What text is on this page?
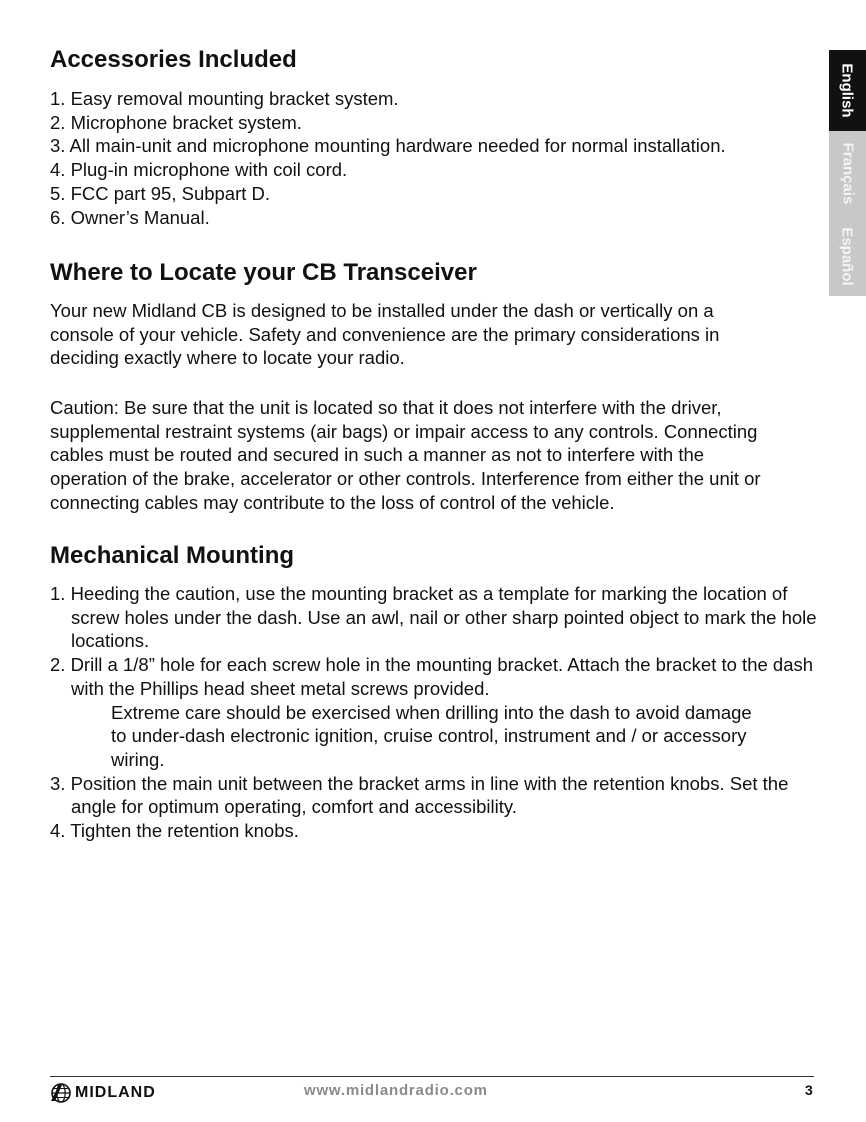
Accessories Included
1. Easy removal mounting bracket system.
2. Microphone bracket system.
3. All main-unit and microphone mounting hardware needed for normal installation.
4. Plug-in microphone with coil cord.
5. FCC part 95, Subpart D.
6. Owner’s Manual.
Where to Locate your CB Transceiver

Your new Midland CB is designed to be installed under the dash or vertically on a
console of your vehicle. Safety and convenience are the primary considerations in
deciding exactly where to locate your radio.

Caution: Be sure that the unit is located so that it does not interfere with the driver,
supplemental restraint systems (air bags) or impair access to any controls. Connecting
cables must be routed and secured in such a manner as not to interfere with the
operation of the brake, accelerator or other controls. Interference from either the unit or
connecting cables may contribute to the loss of control of the vehicle.

Mechanical Mounting
1. Heeding the caution, use the mounting bracket as a template for marking the location of screw holes under the dash. Use an awl, nail or other sharp pointed object to mark the hole locations.
2. Drill a 1/8” hole for each screw hole in the mounting bracket. Attach the bracket to the dash with the Phillips head sheet metal screws provided.
Extreme care should be exercised when drilling into the dash to avoid damage to under-dash electronic ignition, cruise control, instrument and / or accessory wiring.
3. Position the main unit between the bracket arms in line with the retention knobs. Set the angle for optimum operating, comfort and accessibility.
4. Tighten the retention knobs.
English
Français
Español
MIDLAND	www.midlandradio.com	3
